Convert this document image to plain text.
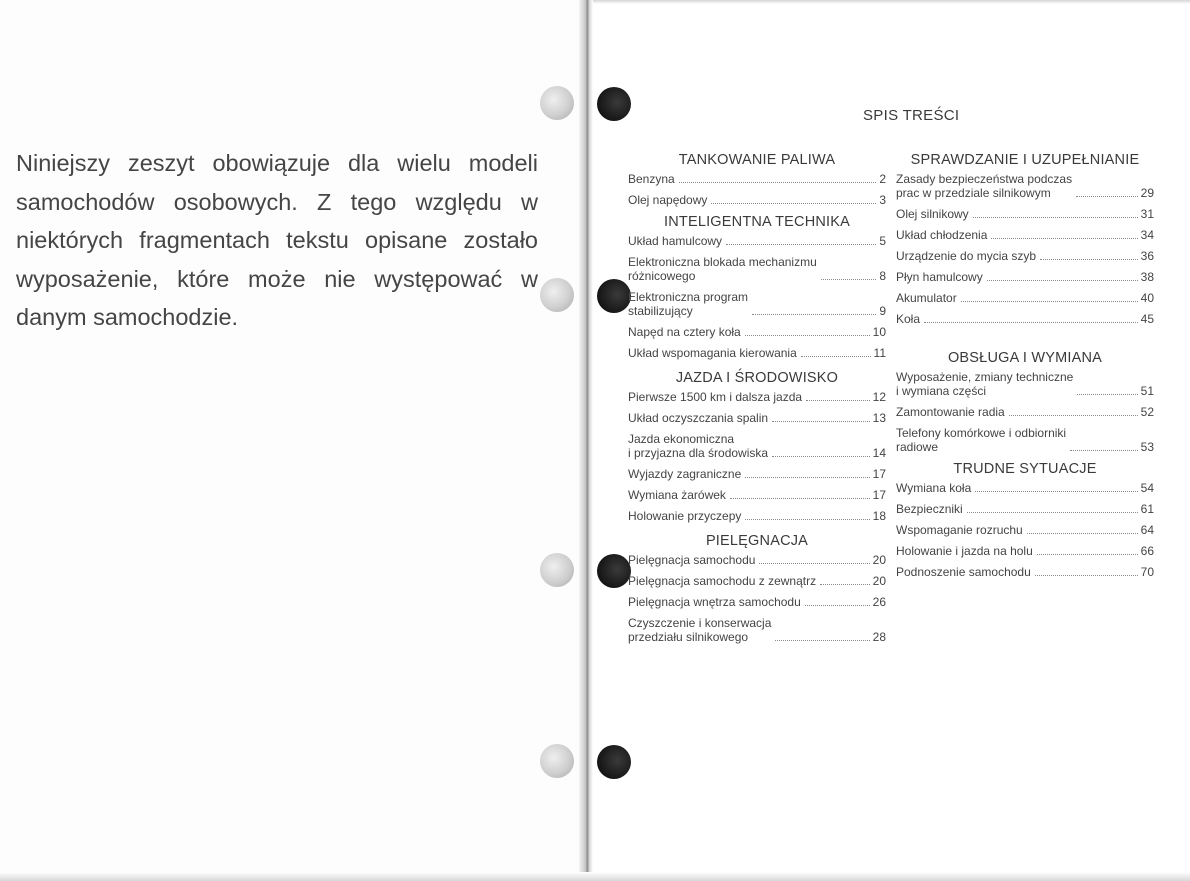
Niniejszy zeszyt obowiązuje dla wielu modeli samochodów osobowych. Z tego względu w niektórych fragmentach tekstu opisane zostało wyposażenie, które może nie występować w danym samochodzie.

SPIS TREŚCI
TANKOWANIE PALIWA
Benzyna	2
Olej napędowy	3
INTELIGENTNA TECHNIKA
Układ hamulcowy	5
Elektroniczna blokada mechanizmu
różnicowego	8
Elektroniczna program
stabilizujący	9
Napęd na cztery koła	10
Układ wspomagania kierowania	11
JAZDA I ŚRODOWISKO
Pierwsze 1500 km i dalsza jazda	12
Układ oczyszczania spalin	13
Jazda ekonomiczna
i przyjazna dla środowiska	14
Wyjazdy zagraniczne	17
Wymiana żarówek	17
Holowanie przyczepy	18
PIELĘGNACJA
Pielęgnacja samochodu	20
Pielęgnacja samochodu z zewnątrz	20
Pielęgnacja wnętrza samochodu	26
Czyszczenie i konserwacja
przedziału silnikowego	28
SPRAWDZANIE I UZUPEŁNIANIE
Zasady bezpieczeństwa podczas
prac w przedziale silnikowym	29
Olej silnikowy	31
Układ chłodzenia	34
Urządzenie do mycia szyb	36
Płyn hamulcowy	38
Akumulator	40
Koła	45
OBSŁUGA I WYMIANA
Wyposażenie, zmiany techniczne
i wymiana części	51
Zamontowanie radia	52
Telefony komórkowe i odbiorniki
radiowe	53
TRUDNE SYTUACJE
Wymiana koła	54
Bezpieczniki	61
Wspomaganie rozruchu	64
Holowanie i jazda na holu	66
Podnoszenie samochodu	70
